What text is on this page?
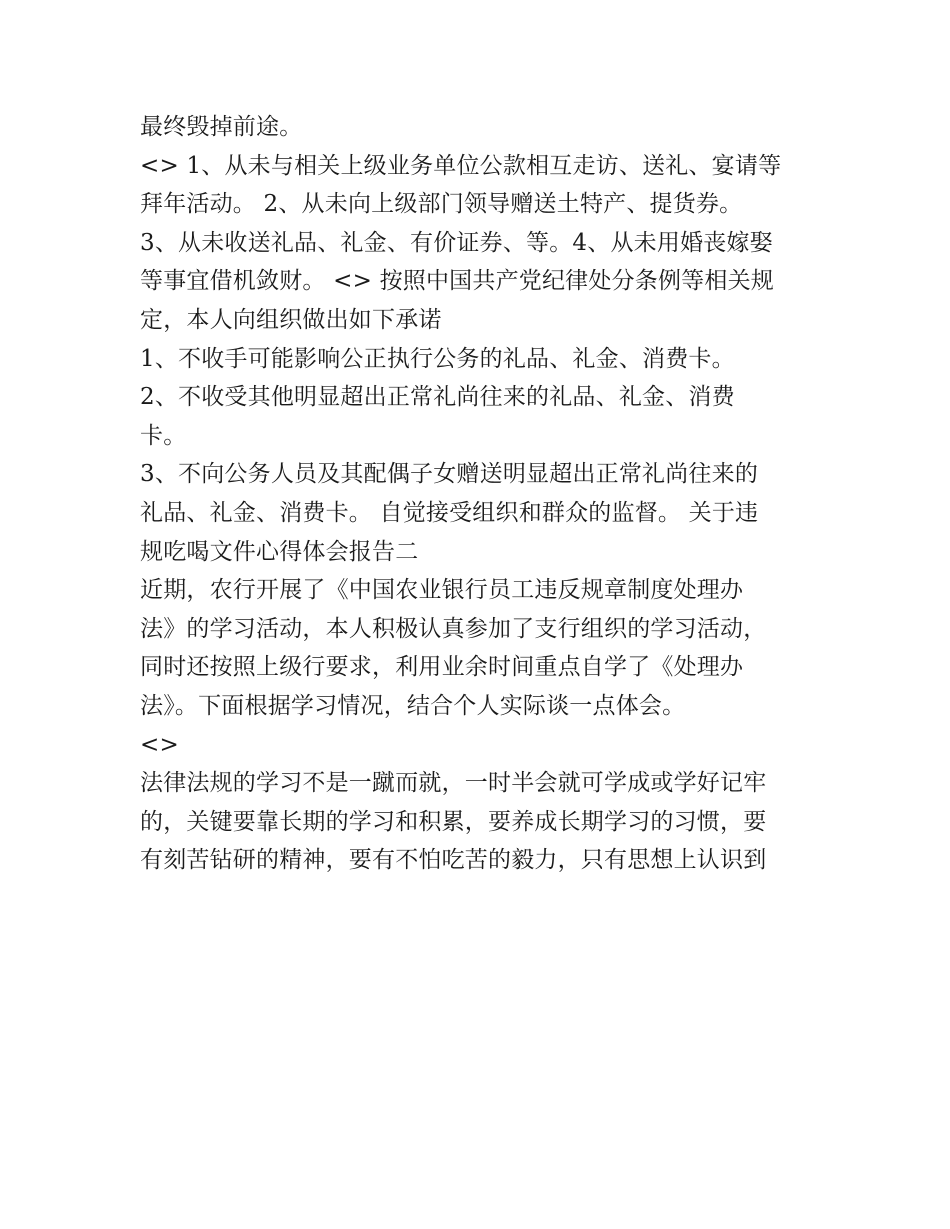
最终毁掉前途。
<> 1、从未与相关上级业务单位公款相互走访、送礼、宴请等
拜年活动。 2、从未向上级部门领导赠送土特产、提货券。
3、从未收送礼品、礼金、有价证券、等。4、从未用婚丧嫁娶
等事宜借机敛财。 <> 按照中国共产党纪律处分条例等相关规
定，本人向组织做出如下承诺
1、不收手可能影响公正执行公务的礼品、礼金、消费卡。
2、不收受其他明显超出正常礼尚往来的礼品、礼金、消费
卡。
3、不向公务人员及其配偶子女赠送明显超出正常礼尚往来的
礼品、礼金、消费卡。 自觉接受组织和群众的监督。 关于违
规吃喝文件心得体会报告二
近期，农行开展了《中国农业银行员工违反规章制度处理办
法》的学习活动，本人积极认真参加了支行组织的学习活动，
同时还按照上级行要求，利用业余时间重点自学了《处理办
法》。下面根据学习情况，结合个人实际谈一点体会。
<>
法律法规的学习不是一蹴而就，一时半会就可学成或学好记牢
的，关键要靠长期的学习和积累，要养成长期学习的习惯，要
有刻苦钻研的精神，要有不怕吃苦的毅力，只有思想上认识到
